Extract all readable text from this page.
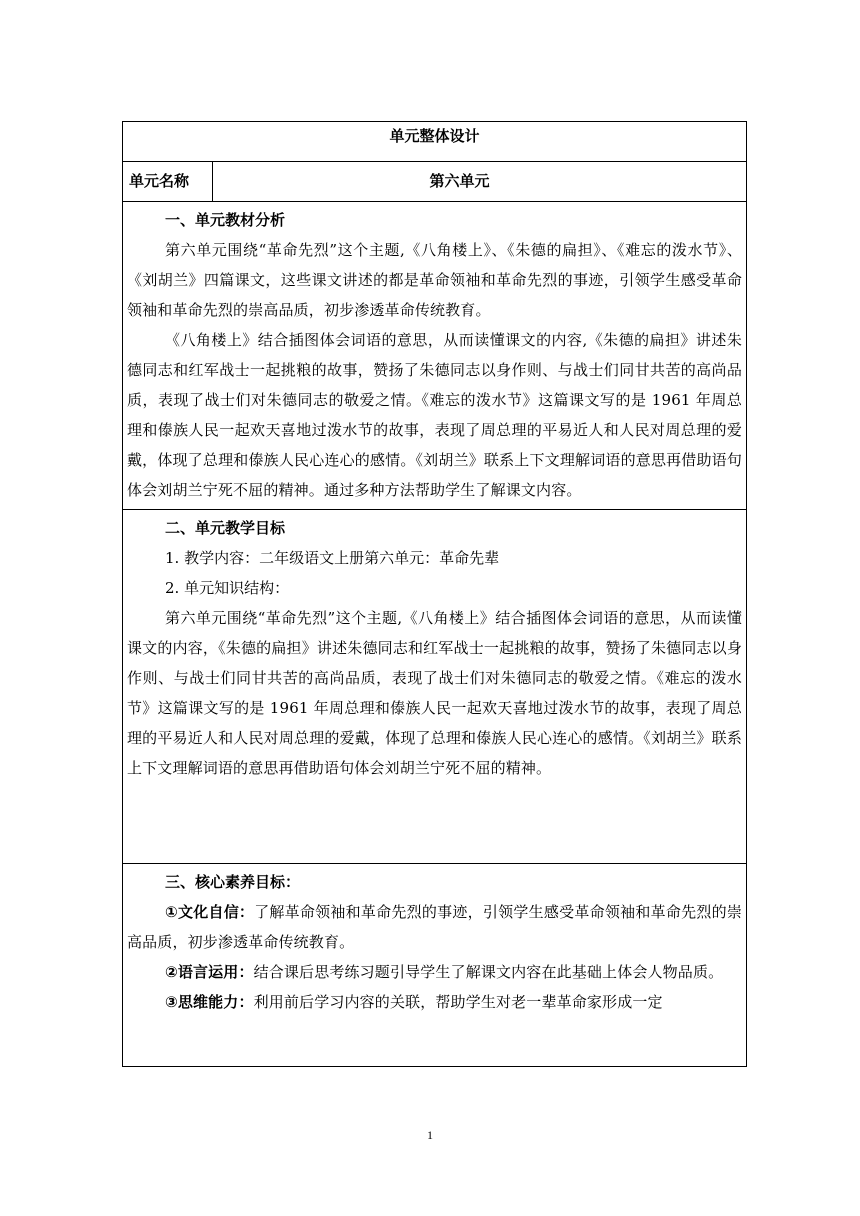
单元整体设计
单元名称	第六单元

一、单元教材分析

第六单元围绕“革命先烈”这个主题,《八角楼上》、《朱德的扁担》、《难忘的泼水节》、《刘胡兰》四篇课文，这些课文讲述的都是革命领袖和革命先烈的事迹，引领学生感受革命领袖和革命先烈的崇高品质，初步渗透革命传统教育。

《八角楼上》结合插图体会词语的意思，从而读懂课文的内容,《朱德的扁担》讲述朱德同志和红军战士一起挑粮的故事，赞扬了朱德同志以身作则、与战士们同甘共苦的高尚品质，表现了战士们对朱德同志的敬爱之情。《难忘的泼水节》这篇课文写的是 1961 年周总理和傣族人民一起欢天喜地过泼水节的故事，表现了周总理的平易近人和人民对周总理的爱戴，体现了总理和傣族人民心连心的感情。《刘胡兰》联系上下文理解词语的意思再借助语句体会刘胡兰宁死不屈的精神。通过多种方法帮助学生了解课文内容。

二、单元教学目标
1. 教学内容：二年级语文上册第六单元：革命先辈
2. 单元知识结构：

第六单元围绕“革命先烈”这个主题,《八角楼上》结合插图体会词语的意思，从而读懂课文的内容，《朱德的扁担》讲述朱德同志和红军战士一起挑粮的故事，赞扬了朱德同志以身作则、与战士们同甘共苦的高尚品质，表现了战士们对朱德同志的敬爱之情。《难忘的泼水节》这篇课文写的是 1961 年周总理和傣族人民一起欢天喜地过泼水节的故事，表现了周总理的平易近人和人民对周总理的爱戴，体现了总理和傣族人民心连心的感情。《刘胡兰》联系上下文理解词语的意思再借助语句体会刘胡兰宁死不屈的精神。

三、核心素养目标：

①文化自信：了解革命领袖和革命先烈的事迹，引领学生感受革命领袖和革命先烈的崇高品质，初步渗透革命传统教育。

②语言运用：结合课后思考练习题引导学生了解课文内容在此基础上体会人物品质。

③思维能力：利用前后学习内容的关联，帮助学生对老一辈革命家形成一定

1
